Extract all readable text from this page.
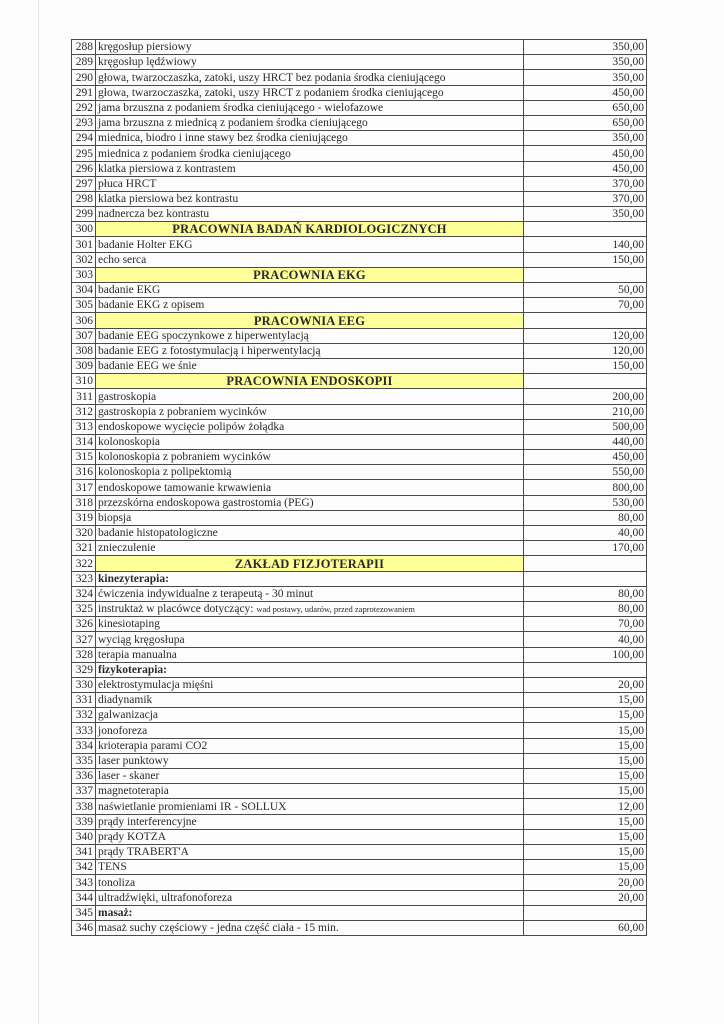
288	kręgosłup piersiowy	350,00
289	kręgosłup lędźwiowy	350,00
290	głowa, twarzoczaszka, zatoki, uszy HRCT bez podania środka cieniującego	350,00
291	głowa, twarzoczaszka, zatoki, uszy HRCT z podaniem środka cieniującego	450,00
292	jama brzuszna z podaniem środka cieniującego - wielofazowe	650,00
293	jama brzuszna z miednicą z podaniem środka cieniującego	650,00
294	miednica, biodro i inne stawy bez środka cieniującego	350,00
295	miednica z podaniem środka cieniującego	450,00
296	klatka piersiowa z kontrastem	450,00
297	płuca HRCT	370,00
298	klatka piersiowa bez kontrastu	370,00
299	nadnercza bez kontrastu	350,00
300	PRACOWNIA BADAŃ KARDIOLOGICZNYCH	
301	badanie Holter EKG	140,00
302	echo serca	150,00
303	PRACOWNIA EKG	
304	badanie EKG	50,00
305	badanie EKG z opisem	70,00
306	PRACOWNIA EEG	
307	badanie EEG spoczynkowe z hiperwentylacją	120,00
308	badanie EEG z fotostymulacją i hiperwentylacją	120,00
309	badanie EEG we śnie	150,00
310	PRACOWNIA ENDOSKOPII	
311	gastroskopia	200,00
312	gastroskopia z pobraniem wycinków	210,00
313	endoskopowe wycięcie polipów żołądka	500,00
314	kolonoskopia	440,00
315	kolonoskopia z pobraniem wycinków	450,00
316	kolonoskopia z polipektomią	550,00
317	endoskopowe tamowanie krwawienia	800,00
318	przezskórna endoskopowa gastrostomia (PEG)	530,00
319	biopsja	80,00
320	badanie histopatologiczne	40,00
321	znieczulenie	170,00
322	ZAKŁAD FIZJOTERAPII	
323	kinezyterapia:	
324	ćwiczenia indywidualne z terapeutą - 30 minut	80,00
325	instruktaż w placówce dotyczący: wad postawy, udarów, przed zaprotezowaniem	80,00
326	kinesiotaping	70,00
327	wyciąg kręgosłupa	40,00
328	terapia manualna	100,00
329	fizykoterapia:	
330	elektrostymulacja mięśni	20,00
331	diadynamik	15,00
332	galwanizacja	15,00
333	jonoforeza	15,00
334	krioterapia parami CO2	15,00
335	laser punktowy	15,00
336	laser - skaner	15,00
337	magnetoterapia	15,00
338	naświetlanie promieniami IR - SOLLUX	12,00
339	prądy interferencyjne	15,00
340	prądy KOTZA	15,00
341	prądy TRABERT'A	15,00
342	TENS	15,00
343	tonoliza	20,00
344	ultradźwięki, ultrafonoforeza	20,00
345	masaż:	
346	masaż suchy częściowy - jedna część ciała - 15 min.	60,00
